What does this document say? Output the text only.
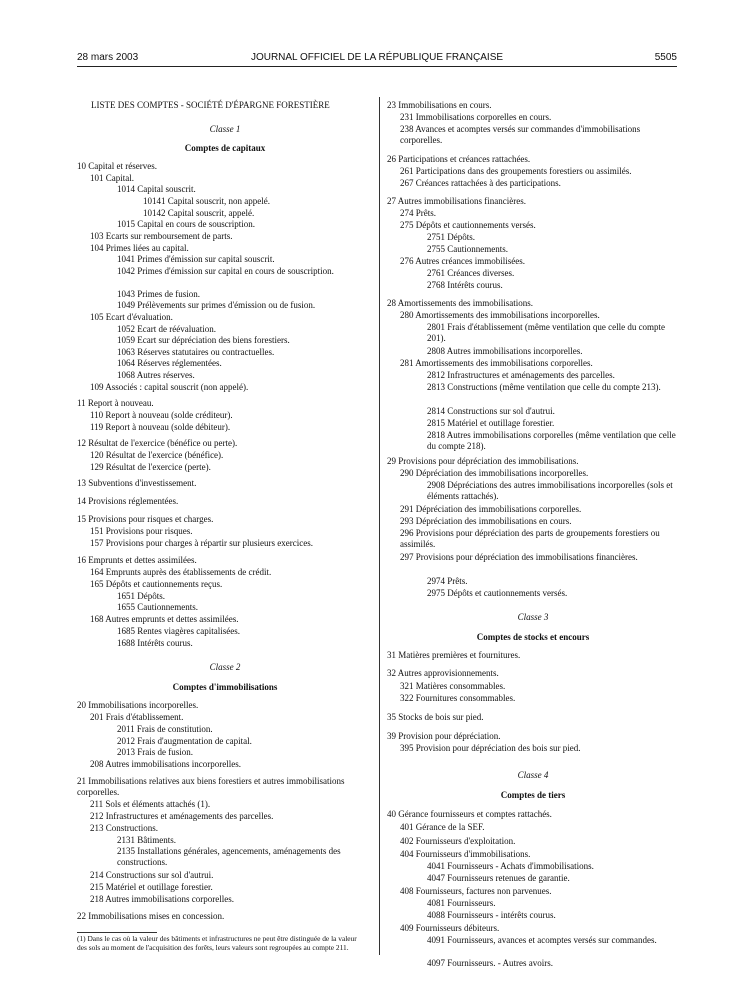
28 mars 2003	JOURNAL OFFICIEL DE LA RÉPUBLIQUE FRANÇAISE	5505
LISTE DES COMPTES - SOCIÉTÉ D'ÉPARGNE FORESTIÈRE
Classe 1
Comptes de capitaux
10 Capital et réserves.
101 Capital.
1014 Capital souscrit.
10141 Capital souscrit, non appelé.
10142 Capital souscrit, appelé.
1015 Capital en cours de souscription.
103 Ecarts sur remboursement de parts.
104 Primes liées au capital.
1041 Primes d'émission sur capital souscrit.
1042 Primes d'émission sur capital en cours de souscription.
1043 Primes de fusion.
1049 Prélèvements sur primes d'émission ou de fusion.
105 Ecart d'évaluation.
1052 Ecart de réévaluation.
1059 Ecart sur dépréciation des biens forestiers.
1063 Réserves statutaires ou contractuelles.
1064 Réserves réglementées.
1068 Autres réserves.
109 Associés : capital souscrit (non appelé).
11 Report à nouveau.
110 Report à nouveau (solde créditeur).
119 Report à nouveau (solde débiteur).
12 Résultat de l'exercice (bénéfice ou perte).
120 Résultat de l'exercice (bénéfice).
129 Résultat de l'exercice (perte).
13 Subventions d'investissement.
14 Provisions réglementées.
15 Provisions pour risques et charges.
151 Provisions pour risques.
157 Provisions pour charges à répartir sur plusieurs exercices.
16 Emprunts et dettes assimilées.
164 Emprunts auprès des établissements de crédit.
165 Dépôts et cautionnements reçus.
1651 Dépôts.
1655 Cautionnements.
168 Autres emprunts et dettes assimilées.
1685 Rentes viagères capitalisées.
1688 Intérêts courus.
Classe 2
Comptes d'immobilisations
20 Immobilisations incorporelles.
201 Frais d'établissement.
2011 Frais de constitution.
2012 Frais d'augmentation de capital.
2013 Frais de fusion.
208 Autres immobilisations incorporelles.
21 Immobilisations relatives aux biens forestiers et autres immobilisations corporelles.
211 Sols et éléments attachés (1).
212 Infrastructures et aménagements des parcelles.
213 Constructions.
2131 Bâtiments.
2135 Installations générales, agencements, aménagements des constructions.
214 Constructions sur sol d'autrui.
215 Matériel et outillage forestier.
218 Autres immobilisations corporelles.
22 Immobilisations mises en concession.
(1) Dans le cas où la valeur des bâtiments et infrastructures ne peut être distinguée de la valeur des sols au moment de l'acquisition des forêts, leurs valeurs sont regroupées au compte 211.
23 Immobilisations en cours.
231 Immobilisations corporelles en cours.
238 Avances et acomptes versés sur commandes d'immobilisations corporelles.
26 Participations et créances rattachées.
261 Participations dans des groupements forestiers ou assimilés.
267 Créances rattachées à des participations.
27 Autres immobilisations financières.
274 Prêts.
275 Dépôts et cautionnements versés.
2751 Dépôts.
2755 Cautionnements.
276 Autres créances immobilisées.
2761 Créances diverses.
2768 Intérêts courus.
28 Amortissements des immobilisations.
280 Amortissements des immobilisations incorporelles.
2801 Frais d'établissement (même ventilation que celle du compte 201).
2808 Autres immobilisations incorporelles.
281 Amortissements des immobilisations corporelles.
2812 Infrastructures et aménagements des parcelles.
2813 Constructions (même ventilation que celle du compte 213).
2814 Constructions sur sol d'autrui.
2815 Matériel et outillage forestier.
2818 Autres immobilisations corporelles (même ventilation que celle du compte 218).
29 Provisions pour dépréciation des immobilisations.
290 Dépréciation des immobilisations incorporelles.
2908 Dépréciations des autres immobilisations incorporelles (sols et éléments rattachés).
291 Dépréciation des immobilisations corporelles.
293 Dépréciation des immobilisations en cours.
296 Provisions pour dépréciation des parts de groupements forestiers ou assimilés.
297 Provisions pour dépréciation des immobilisations financières.
2974 Prêts.
2975 Dépôts et cautionnements versés.
Classe 3
Comptes de stocks et encours
31 Matières premières et fournitures.
32 Autres approvisionnements.
321 Matières consommables.
322 Fournitures consommables.
35 Stocks de bois sur pied.
39 Provision pour dépréciation.
395 Provision pour dépréciation des bois sur pied.
Classe 4
Comptes de tiers
40 Gérance fournisseurs et comptes rattachés.
401 Gérance de la SEF.
402 Fournisseurs d'exploitation.
404 Fournisseurs d'immobilisations.
4041 Fournisseurs - Achats d'immobilisations.
4047 Fournisseurs retenues de garantie.
408 Fournisseurs, factures non parvenues.
4081 Fournisseurs.
4088 Fournisseurs - intérêts courus.
409 Fournisseurs débiteurs.
4091 Fournisseurs, avances et acomptes versés sur commandes.
4097 Fournisseurs. - Autres avoirs.
